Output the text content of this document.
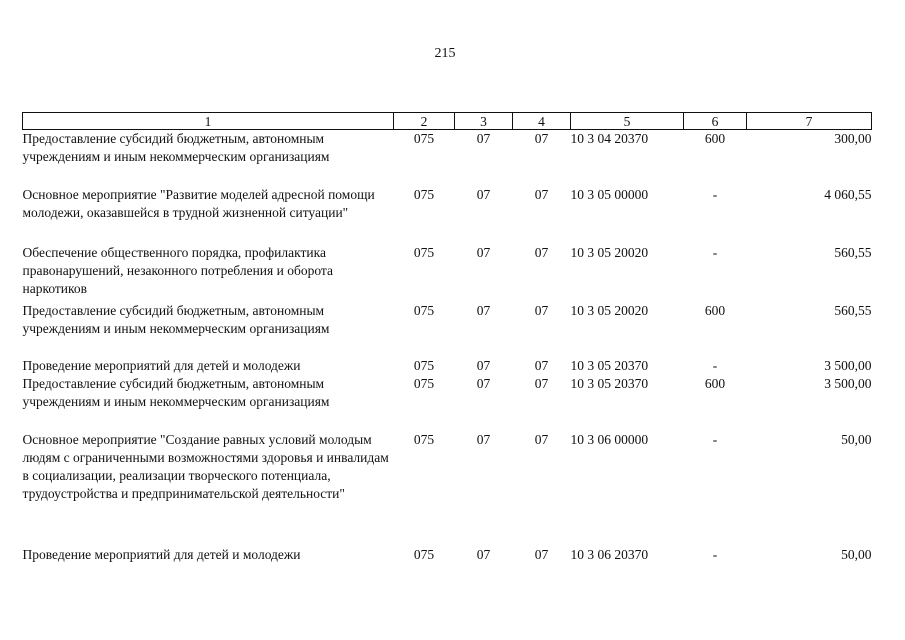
215
1	2	3	4	5	6	7
Предоставление субсидий бюджетным, автономным учреждениям и иным некоммерческим организациям	075	07	07	10 3 04 20370	600	300,00
Основное мероприятие "Развитие моделей адресной помощи молодежи, оказавшейся в трудной жизненной ситуации"	075	07	07	10 3 05 00000	-	4 060,55
Обеспечение общественного порядка, профилактика правонарушений, незаконного потребления и оборота наркотиков	075	07	07	10 3 05 20020	-	560,55
Предоставление субсидий бюджетным, автономным учреждениям и иным некоммерческим организациям	075	07	07	10 3 05 20020	600	560,55
Проведение мероприятий для детей и молодежи	075	07	07	10 3 05 20370	-	3 500,00
Предоставление субсидий бюджетным, автономным учреждениям и иным некоммерческим организациям	075	07	07	10 3 05 20370	600	3 500,00
Основное мероприятие "Создание равных условий молодым людям с ограниченными возможностями здоровья и инвалидам в социализации, реализации творческого потенциала, трудоустройства и предпринимательской деятельности"	075	07	07	10 3 06 00000	-	50,00
Проведение мероприятий для детей и молодежи	075	07	07	10 3 06 20370	-	50,00
